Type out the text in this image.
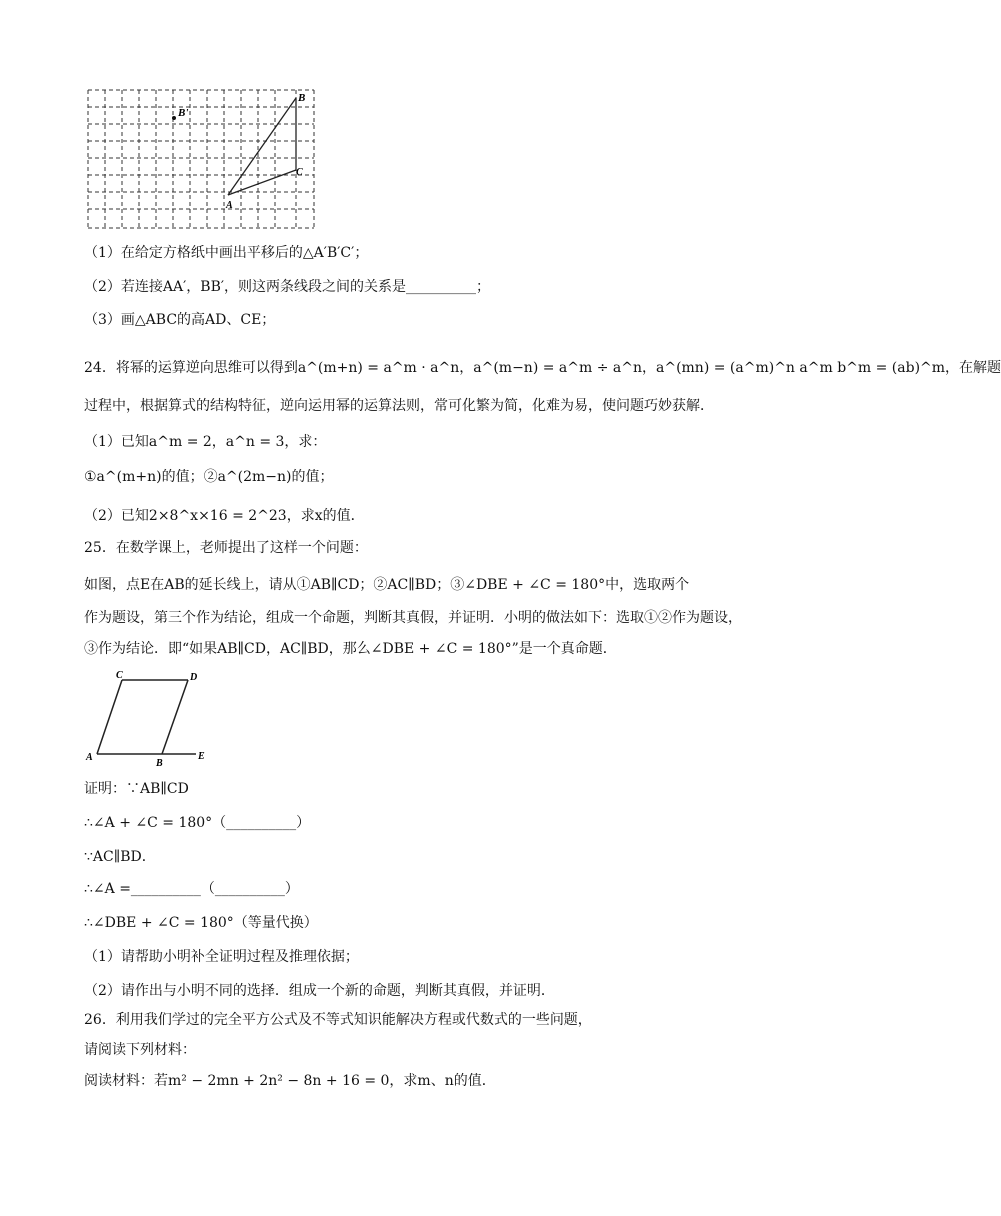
B'
B
C
A
（1）在给定方格纸中画出平移后的△A′B′C′；
（2）若连接AA′，BB′，则这两条线段之间的关系是__________；
（3）画△ABC的高AD、CE；
24．将幂的运算逆向思维可以得到a^(m+n) = a^m · a^n，a^(m−n) = a^m ÷ a^n，a^(mn) = (a^m)^n a^m b^m = (ab)^m，在解题
过程中，根据算式的结构特征，逆向运用幂的运算法则，常可化繁为简，化难为易，使问题巧妙获解．
（1）已知a^m = 2，a^n = 3，求：
①a^(m+n)的值；②a^(2m−n)的值；
（2）已知2×8^x×16 = 2^23，求x的值．
25．在数学课上，老师提出了这样一个问题：
如图，点E在AB的延长线上，请从①AB∥CD；②AC∥BD；③∠DBE + ∠C = 180°中，选取两个
作为题设，第三个作为结论，组成一个命题，判断其真假，并证明．小明的做法如下：选取①②作为题设，
③作为结论．即“如果AB∥CD，AC∥BD，那么∠DBE + ∠C = 180°”是一个真命题．
C	D
A
B
E
证明：∵AB∥CD
∴∠A + ∠C = 180°（__________）
∵AC∥BD．
∴∠A =__________（__________）
∴∠DBE + ∠C = 180°（等量代换）
（1）请帮助小明补全证明过程及推理依据；
（2）请作出与小明不同的选择．组成一个新的命题，判断其真假，并证明．
26．利用我们学过的完全平方公式及不等式知识能解决方程或代数式的一些问题，
请阅读下列材料：
阅读材料：若m² − 2mn + 2n² − 8n + 16 = 0，求m、n的值．
